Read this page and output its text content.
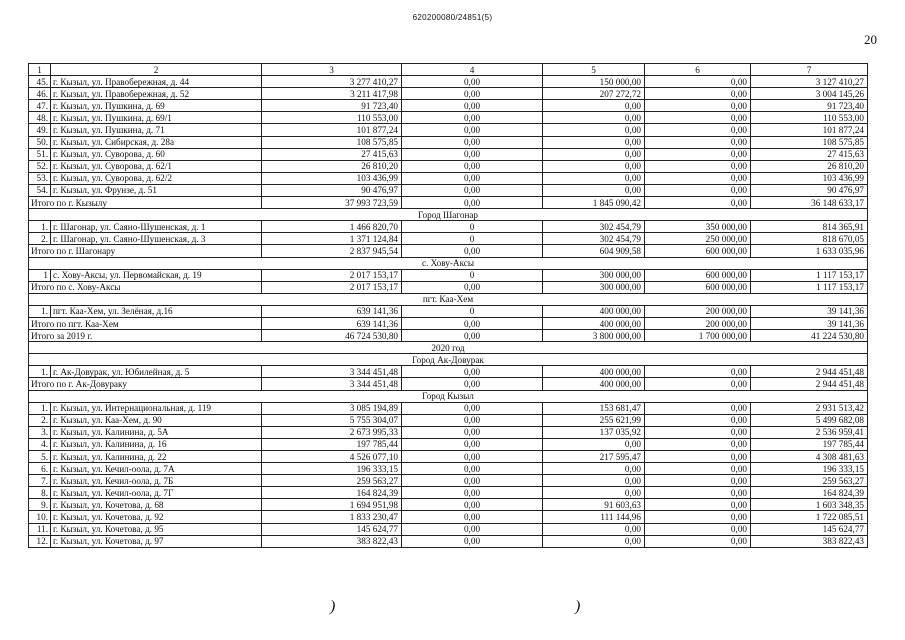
620200080/24851(5)
20
1	2	3	4	5	6	7
45.	г. Кызыл, ул. Правобережная, д. 44	3 277 410,27	0,00	150 000,00	0,00	3 127 410,27
46.	г. Кызыл, ул. Правобережная, д. 52	3 211 417,98	0,00	207 272,72	0,00	3 004 145,26
47.	г. Кызыл, ул. Пушкина, д. 69	91 723,40	0,00	0,00	0,00	91 723,40
48.	г. Кызыл, ул. Пушкина, д. 69/1	110 553,00	0,00	0,00	0,00	110 553,00
49.	г. Кызыл, ул. Пушкина, д. 71	101 877,24	0,00	0,00	0,00	101 877,24
50.	г. Кызыл, ул. Сибирская, д. 28а	108 575,85	0,00	0,00	0,00	108 575,85
51.	г. Кызыл, ул. Суворова, д. 60	27 415,63	0,00	0,00	0,00	27 415,63
52.	г. Кызыл, ул. Суворова, д. 62/1	26 810,20	0,00	0,00	0,00	26 810,20
53.	г. Кызыл, ул. Суворова, д. 62/2	103 436,99	0,00	0,00	0,00	103 436,99
54.	г. Кызыл, ул. Фрунзе, д. 51	90 476,97	0,00	0,00	0,00	90 476,97
Итого по г. Кызылу		37 993 723,59	0,00	1 845 090,42	0,00	36 148 633,17
Город Шагонар						
1.	г. Шагонар, ул. Саяно-Шушенская, д. 1	1 466 820,70	0	302 454,79	350 000,00	814 365,91
2.	г. Шагонар, ул. Саяно-Шушенская, д. 3	1 371 124,84	0	302 454,79	250 000,00	818 670,05
Итого по г. Шагонару		2 837 945,54	0,00	604 909,58	600 000,00	1 633 035,96
с. Хову-Аксы						
1	с. Хову-Аксы, ул. Первомайская, д. 19	2 017 153,17	0	300 000,00	600 000,00	1 117 153,17
Итого по с. Хову-Аксы		2 017 153,17	0,00	300 000,00	600 000,00	1 117 153,17
пгт. Каа-Хем						
1.	пгт. Каа-Хем, ул. Зелёная, д.16	639 141,36	0	400 000,00	200 000,00	39 141,36
Итого по пгт. Каа-Хем		639 141,36	0,00	400 000,00	200 000,00	39 141,36
Итого за 2019 г.		46 724 530,80	0,00	3 800 000,00	1 700 000,00	41 224 530,80
2020 год						
Город Ак-Довурак						
1.	г. Ак-Довурак, ул. Юбилейная, д. 5	3 344 451,48	0,00	400 000,00	0,00	2 944 451,48
Итого по г. Ак-Довураку		3 344 451,48	0,00	400 000,00	0,00	2 944 451,48
Город Кызыл						
1.	г. Кызыл, ул. Интернациональная, д. 119	3 085 194,89	0,00	153 681,47	0,00	2 931 513,42
2.	г. Кызыл, ул. Каа-Хем, д. 90	5 755 304,07	0,00	255 621,99	0,00	5 499 682,08
3.	г. Кызыл, ул. Калинина, д. 5А	2 673 995,33	0,00	137 035,92	0,00	2 536 959,41
4.	г. Кызыл, ул. Калинина, д. 16	197 785,44	0,00	0,00	0,00	197 785,44
5.	г. Кызыл, ул. Калинина, д. 22	4 526 077,10	0,00	217 595,47	0,00	4 308 481,63
6.	г. Кызыл, ул. Кечил-оола, д. 7А	196 333,15	0,00	0,00	0,00	196 333,15
7.	г. Кызыл, ул. Кечил-оола, д. 7Б	259 563,27	0,00	0,00	0,00	259 563,27
8.	г. Кызыл, ул. Кечил-оола, д. 7Г	164 824,39	0,00	0,00	0,00	164 824,39
9.	г. Кызыл, ул. Кочетова, д. 68	1 694 951,98	0,00	91 603,63	0,00	1 603 348,35
10.	г. Кызыл, ул. Кочетова, д. 92	1 833 230,47	0,00	111 144,96	0,00	1 722 085,51
11.	г. Кызыл, ул. Кочетова, д. 95	145 624,77	0,00	0,00	0,00	145 624,77
12.	г. Кызыл, ул. Кочетова, д. 97	383 822,43	0,00	0,00	0,00	383 822,43
)	)
